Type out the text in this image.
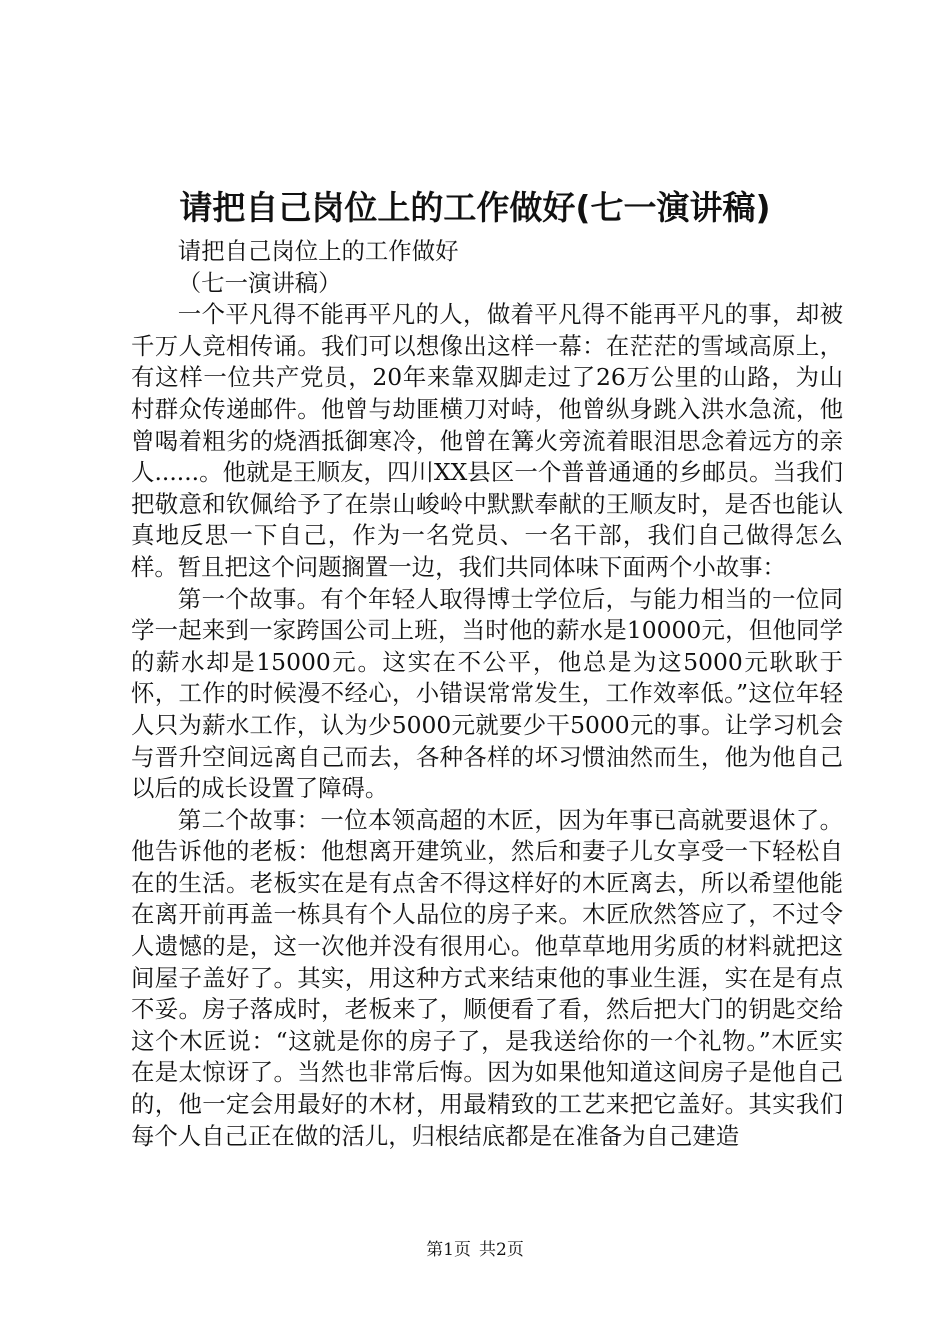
请把自己岗位上的工作做好(七一演讲稿)

请把自己岗位上的工作做好

（七一演讲稿）

一个平凡得不能再平凡的人，做着平凡得不能再平凡的事，却被千万人竞相传诵。我们可以想像出这样一幕：在茫茫的雪域高原上，有这样一位共产党员，20年来靠双脚走过了26万公里的山路，为山村群众传递邮件。他曾与劫匪横刀对峙，他曾纵身跳入洪水急流，他曾喝着粗劣的烧酒抵御寒冷，他曾在篝火旁流着眼泪思念着远方的亲人......。他就是王顺友，四川XX县区一个普普通通的乡邮员。当我们把敬意和钦佩给予了在崇山峻岭中默默奉献的王顺友时，是否也能认真地反思一下自己，作为一名党员、一名干部，我们自己做得怎么样。暂且把这个问题搁置一边，我们共同体味下面两个小故事：

第一个故事。有个年轻人取得博士学位后，与能力相当的一位同学一起来到一家跨国公司上班，当时他的薪水是10000元，但他同学的薪水却是15000元。这实在不公平，他总是为这5000元耿耿于怀，工作的时候漫不经心，小错误常常发生，工作效率低。”这位年轻人只为薪水工作，认为少5000元就要少干5000元的事。让学习机会与晋升空间远离自己而去，各种各样的坏习惯油然而生，他为他自己以后的成长设置了障碍。

第二个故事：一位本领高超的木匠，因为年事已高就要退休了。他告诉他的老板：他想离开建筑业，然后和妻子儿女享受一下轻松自在的生活。老板实在是有点舍不得这样好的木匠离去，所以希望他能在离开前再盖一栋具有个人品位的房子来。木匠欣然答应了，不过令人遗憾的是，这一次他并没有很用心。他草草地用劣质的材料就把这间屋子盖好了。其实，用这种方式来结束他的事业生涯，实在是有点不妥。房子落成时，老板来了，顺便看了看，然后把大门的钥匙交给这个木匠说：“这就是你的房子了，是我送给你的一个礼物。”木匠实在是太惊讶了。当然也非常后悔。因为如果他知道这间房子是他自己的，他一定会用最好的木材，用最精致的工艺来把它盖好。其实我们每个人自己正在做的活儿，归根结底都是在准备为自己建造

第1页 共2页
